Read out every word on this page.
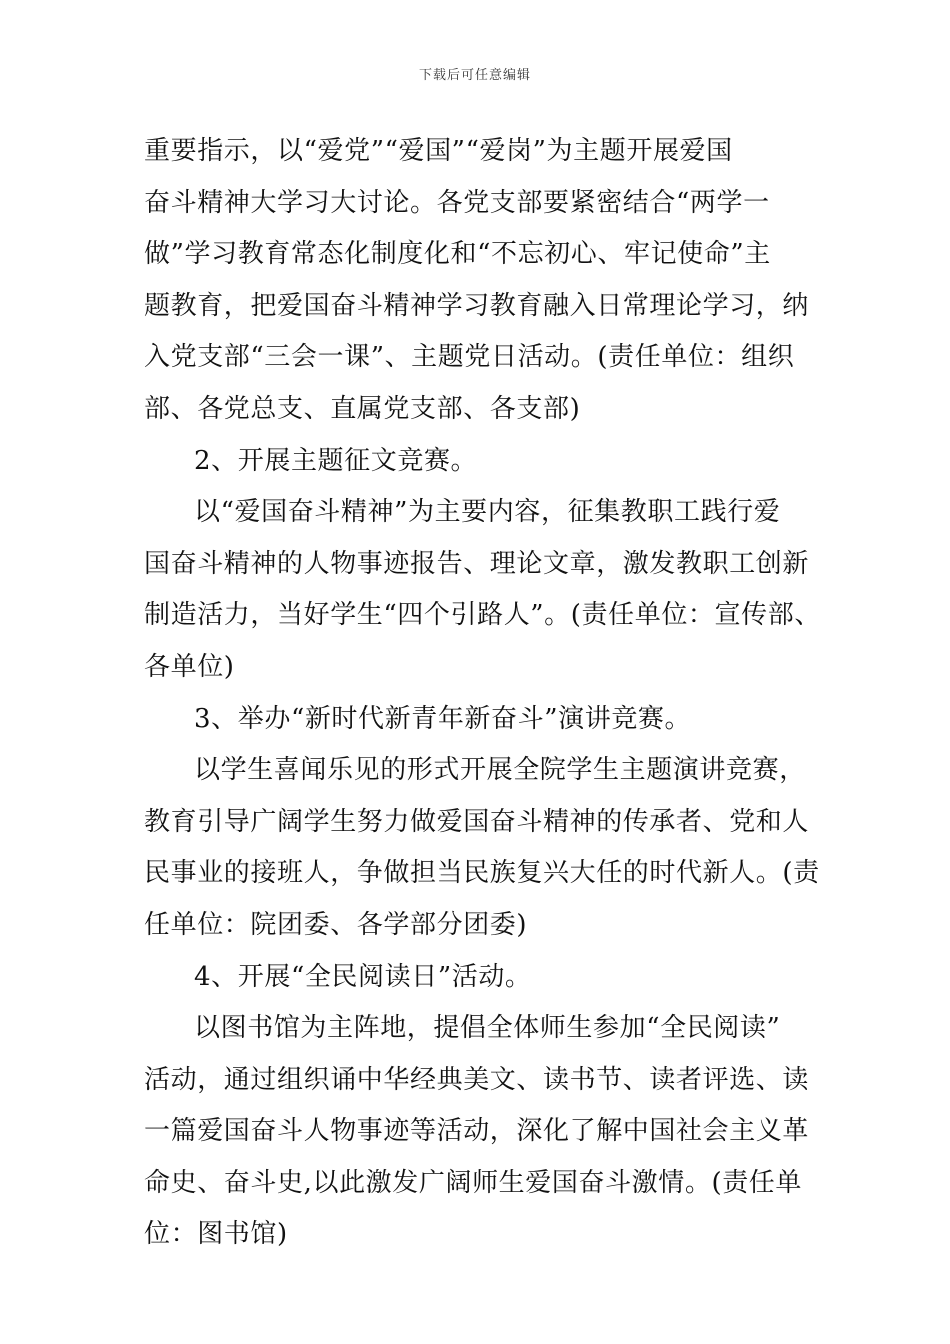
下载后可任意编辑
重要指示，以“爱党”“爱国”“爱岗”为主题开展爱国
奋斗精神大学习大讨论。各党支部要紧密结合“两学一
做”学习教育常态化制度化和“不忘初心、牢记使命”主
题教育，把爱国奋斗精神学习教育融入日常理论学习，纳
入党支部“三会一课”、主题党日活动。(责任单位：组织
部、各党总支、直属党支部、各支部)
2、开展主题征文竞赛。
以“爱国奋斗精神”为主要内容，征集教职工践行爱
国奋斗精神的人物事迹报告、理论文章，激发教职工创新
制造活力，当好学生“四个引路人”。(责任单位：宣传部、
各单位)
3、举办“新时代新青年新奋斗”演讲竞赛。
以学生喜闻乐见的形式开展全院学生主题演讲竞赛，
教育引导广阔学生努力做爱国奋斗精神的传承者、党和人
民事业的接班人，争做担当民族复兴大任的时代新人。(责
任单位：院团委、各学部分团委)
4、开展“全民阅读日”活动。
以图书馆为主阵地，提倡全体师生参加“全民阅读”
活动，通过组织诵中华经典美文、读书节、读者评选、读
一篇爱国奋斗人物事迹等活动，深化了解中国社会主义革
命史、奋斗史,以此激发广阔师生爱国奋斗激情。(责任单
位：图书馆)
